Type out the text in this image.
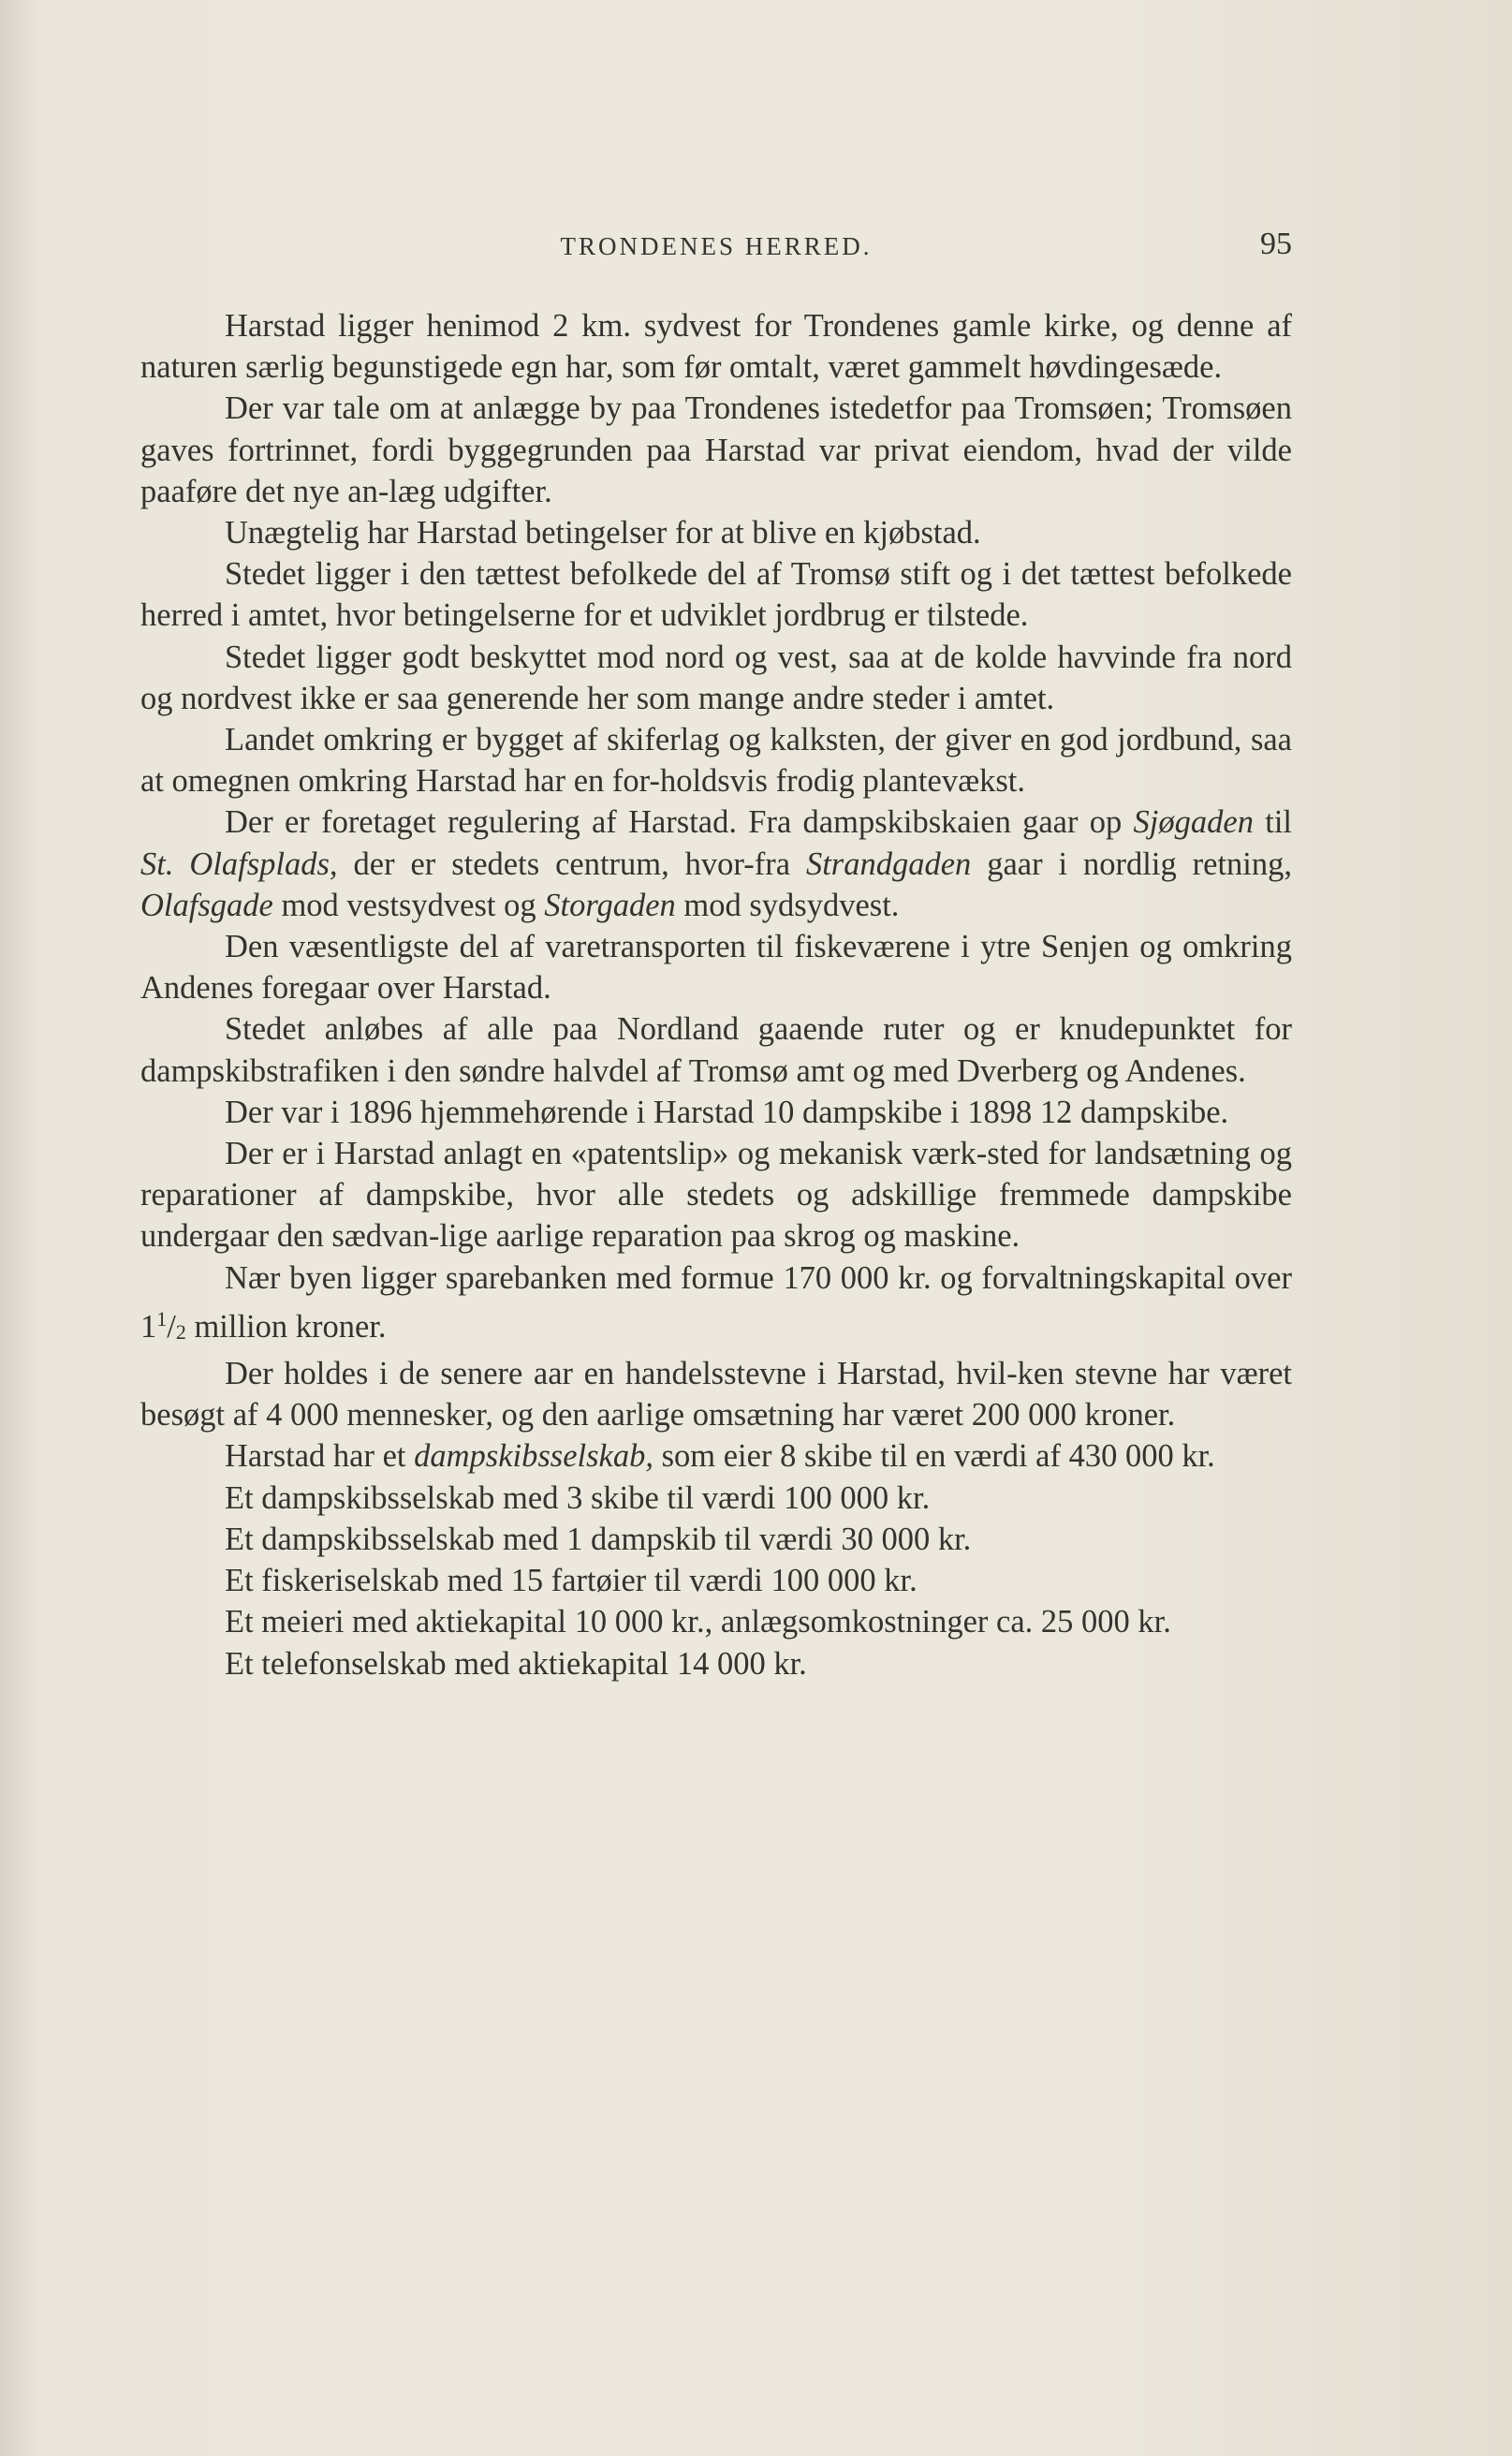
TRONDENES HERRED.	95

Harstad ligger henimod 2 km. sydvest for Trondenes gamle kirke, og denne af naturen særlig begunstigede egn har, som før omtalt, været gammelt høvdingesæde.

Der var tale om at anlægge by paa Trondenes istedetfor paa Tromsøen; Tromsøen gaves fortrinnet, fordi byggegrunden paa Harstad var privat eiendom, hvad der vilde paaføre det nye an-læg udgifter.

Unægtelig har Harstad betingelser for at blive en kjøbstad.

Stedet ligger i den tættest befolkede del af Tromsø stift og i det tættest befolkede herred i amtet, hvor betingelserne for et udviklet jordbrug er tilstede.

Stedet ligger godt beskyttet mod nord og vest, saa at de kolde havvinde fra nord og nordvest ikke er saa generende her som mange andre steder i amtet.

Landet omkring er bygget af skiferlag og kalksten, der giver en god jordbund, saa at omegnen omkring Harstad har en for-holdsvis frodig plantevækst.

Der er foretaget regulering af Harstad. Fra dampskibskaien gaar op Sjøgaden til St. Olafsplads, der er stedets centrum, hvor-fra Strandgaden gaar i nordlig retning, Olafsgade mod vestsydvest og Storgaden mod sydsydvest.

Den væsentligste del af varetransporten til fiskeværene i ytre Senjen og omkring Andenes foregaar over Harstad.

Stedet anløbes af alle paa Nordland gaaende ruter og er knudepunktet for dampskibstrafiken i den søndre halvdel af Tromsø amt og med Dverberg og Andenes.

Der var i 1896 hjemmehørende i Harstad 10 dampskibe i 1898 12 dampskibe.

Der er i Harstad anlagt en «patentslip» og mekanisk værk-sted for landsætning og reparationer af dampskibe, hvor alle stedets og adskillige fremmede dampskibe undergaar den sædvan-lige aarlige reparation paa skrog og maskine.

Nær byen ligger sparebanken med formue 170 000 kr. og forvaltningskapital over $1^1/_2$ million kroner.

Der holdes i de senere aar en handelsstevne i Harstad, hvil-ken stevne har været besøgt af 4 000 mennesker, og den aarlige omsætning har været 200 000 kroner.

Harstad har et dampskibsselskab, som eier 8 skibe til en værdi af 430 000 kr.

Et dampskibsselskab med 3 skibe til værdi 100 000 kr.

Et dampskibsselskab med 1 dampskib til værdi 30 000 kr.

Et fiskeriselskab med 15 fartøier til værdi 100 000 kr.

Et meieri med aktiekapital 10 000 kr., anlægsomkostninger ca. 25 000 kr.

Et telefonselskab med aktiekapital 14 000 kr.
